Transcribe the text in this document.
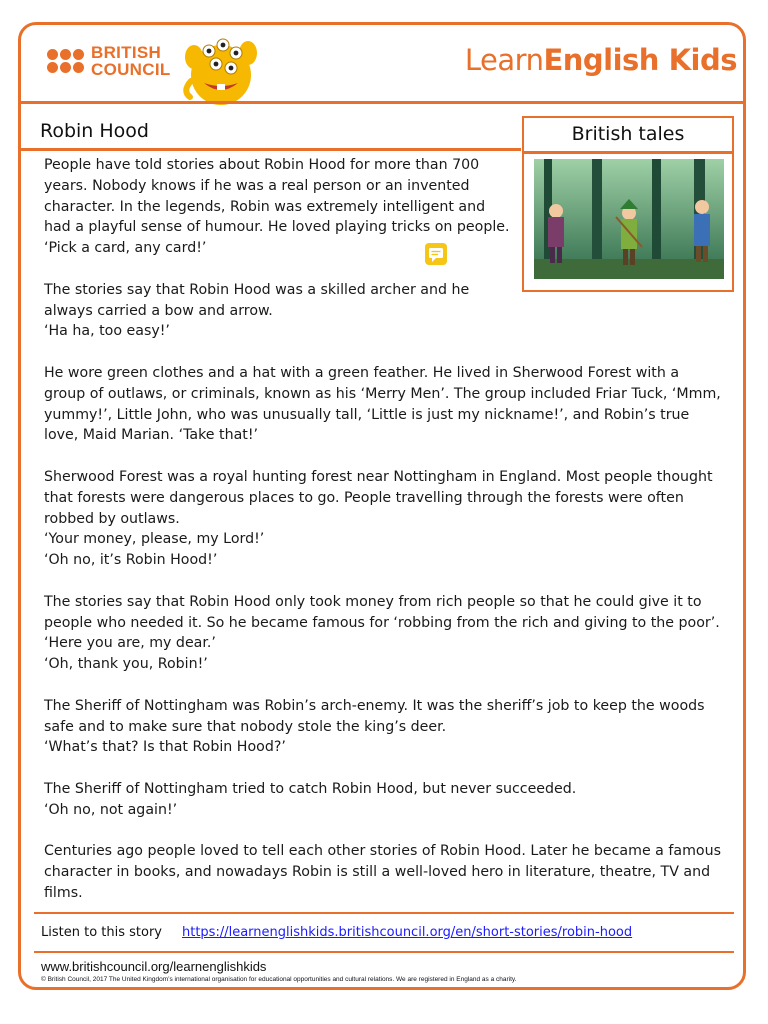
BRITISH
COUNCIL	LearnEnglish Kids
Robin Hood	British tales

People have told stories about Robin Hood for more than 700 years. Nobody knows if he was a real person or an invented character. In the legends, Robin was extremely intelligent and had a playful sense of humour. He loved playing tricks on people.
‘Pick a card, any card!’

The stories say that Robin Hood was a skilled archer and he always carried a bow and arrow.
‘Ha ha, too easy!’

He wore green clothes and a hat with a green feather. He lived in Sherwood Forest with a group of outlaws, or criminals, known as his ‘Merry Men’. The group included Friar Tuck, ‘Mmm, yummy!’, Little John, who was unusually tall, ‘Little is just my nickname!’, and Robin’s true love, Maid Marian. ‘Take that!’

Sherwood Forest was a royal hunting forest near Nottingham in England. Most people thought that forests were dangerous places to go. People travelling through the forests were often robbed by outlaws.
‘Your money, please, my Lord!’
‘Oh no, it’s Robin Hood!’

The stories say that Robin Hood only took money from rich people so that he could give it to people who needed it. So he became famous for ‘robbing from the rich and giving to the poor’.
‘Here you are, my dear.’
‘Oh, thank you, Robin!’

The Sheriff of Nottingham was Robin’s arch-enemy. It was the sheriff’s job to keep the woods safe and to make sure that nobody stole the king’s deer.
‘What’s that? Is that Robin Hood?’

The Sheriff of Nottingham tried to catch Robin Hood, but never succeeded.
‘Oh no, not again!’

Centuries ago people loved to tell each other stories of Robin Hood. Later he became a famous character in books, and nowadays Robin is still a well-loved hero in literature, theatre, TV and films.

Listen to this story https://learnenglishkids.britishcouncil.org/en/short-stories/robin-hood
www.britishcouncil.org/learnenglishkids
© British Council, 2017 The United Kingdom’s international organisation for educational opportunities and cultural relations. We are registered in England as a charity.
